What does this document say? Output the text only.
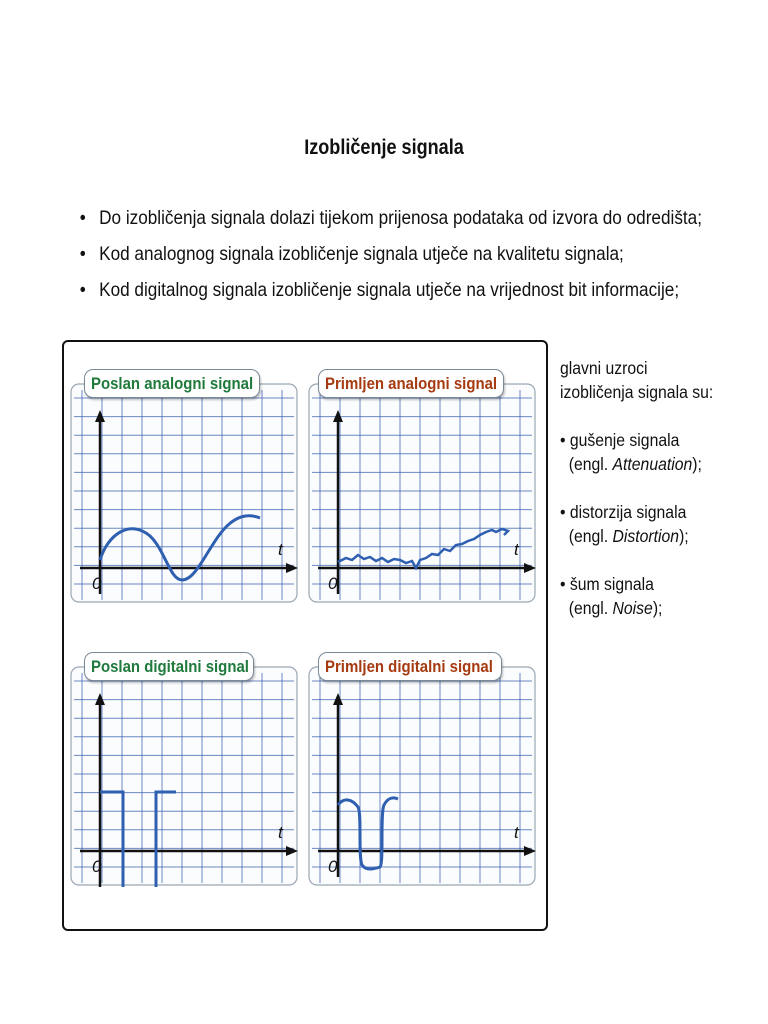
Izobličenje signala
• Do izobličenja signala dolazi tijekom prijenosa podataka od izvora do odredišta;
• Kod analognog signala izobličenje signala utječe na kvalitetu signala;
• Kod digitalnog signala izobličenje signala utječe na vrijednost bit informacije;
Poslan analogni signal
t
0
Primljen analogni signal
t
0
Poslan digitalni signal
t
0
Primljen digitalni signal
t
0

glavni uzroci

izobličenja signala su:

• gušenje signala

(engl. Attenuation);

• distorzija signala

(engl. Distortion);

• šum signala

(engl. Noise);
